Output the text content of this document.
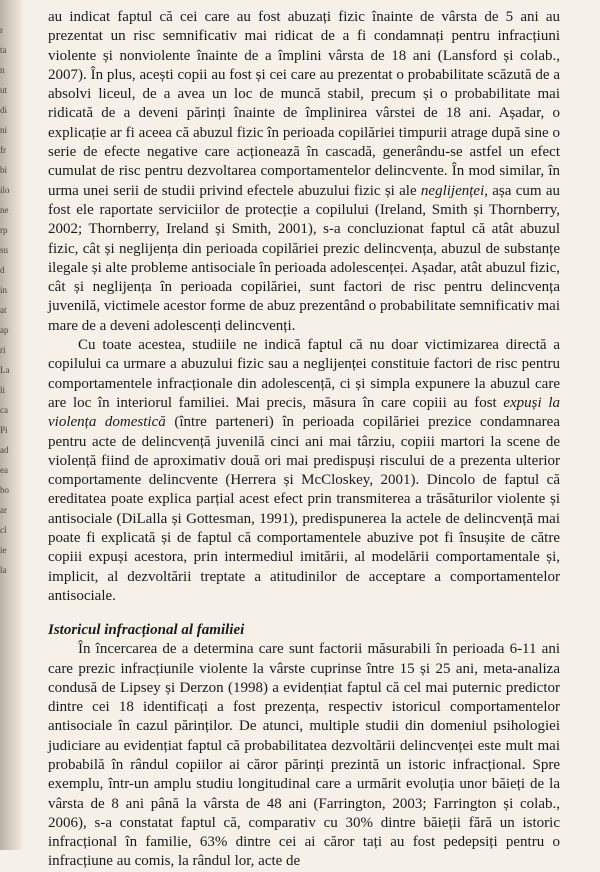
r
ta
n
ut
di
ni
fr
bi
ilo
ne
rp
su
d
in
at
ap
ri
La
li
ca
Pi
ad
ea
bo
ar
cl
ie
la

au indicat faptul că cei care au fost abuzați fizic înainte de vârsta de 5 ani au prezentat un risc semnificativ mai ridicat de a fi condamnați pentru infracțiuni violente și nonviolente înainte de a împlini vârsta de 18 ani (Lansford și colab., 2007). În plus, acești copii au fost și cei care au prezentat o probabilitate scăzută de a absolvi liceul, de a avea un loc de muncă stabil, precum și o probabilitate mai ridicată de a deveni părinți înainte de împlinirea vârstei de 18 ani. Așadar, o explicație ar fi aceea că abuzul fizic în perioada copilăriei timpurii atrage după sine o serie de efecte negative care acționează în cascadă, generându-se astfel un efect cumulat de risc pentru dezvoltarea comportamentelor delincvente. În mod similar, în urma unei serii de studii privind efectele abuzului fizic și ale neglijenței, așa cum au fost ele raportate serviciilor de protecție a copilului (Ireland, Smith și Thornberry, 2002; Thornberry, Ireland și Smith, 2001), s-a concluzionat faptul că atât abuzul fizic, cât și neglijența din perioada copilăriei prezic delincvența, abuzul de substanțe ilegale și alte probleme antisociale în perioada adolescenței. Așadar, atât abuzul fizic, cât și neglijența în perioada copilăriei, sunt factori de risc pentru delincvența juvenilă, victimele acestor forme de abuz prezentând o probabilitate semnificativ mai mare de a deveni adolescenți delincvenți.

Cu toate acestea, studiile ne indică faptul că nu doar victimizarea directă a copilului ca urmare a abuzului fizic sau a neglijenței constituie factori de risc pentru comportamentele infracționale din adolescență, ci și simpla expunere la abuzul care are loc în interiorul familiei. Mai precis, măsura în care copiii au fost expuși la violența domestică (între parteneri) în perioada copilăriei prezice condamnarea pentru acte de delincvență juvenilă cinci ani mai târziu, copiii martori la scene de violență fiind de aproximativ două ori mai predispuși riscului de a prezenta ulterior comportamente delincvente (Herrera și McCloskey, 2001). Dincolo de faptul că ereditatea poate explica parțial acest efect prin transmiterea a trăsăturilor violente și antisociale (DiLalla și Gottesman, 1991), predispunerea la actele de delincvență mai poate fi explicată și de faptul că comportamentele abuzive pot fi însușite de către copiii expuși acestora, prin intermediul imitării, al modelării comportamentale și, implicit, al dezvoltării treptate a atitudinilor de acceptare a comportamentelor antisociale.

Istoricul infracțional al familiei

În încercarea de a determina care sunt factorii măsurabili în perioada 6-11 ani care prezic infracțiunile violente la vârste cuprinse între 15 și 25 ani, meta-analiza condusă de Lipsey și Derzon (1998) a evidențiat faptul că cel mai puternic predictor dintre cei 18 identificați a fost prezența, respectiv istoricul comportamentelor antisociale în cazul părinților. De atunci, multiple studii din domeniul psihologiei judiciare au evidențiat faptul că probabilitatea dezvoltării delincvenței este mult mai probabilă în rândul copiilor ai căror părinți prezintă un istoric infracțional. Spre exemplu, într-un amplu studiu longitudinal care a urmărit evoluția unor băieți de la vârsta de 8 ani până la vârsta de 48 ani (Farrington, 2003; Farrington și colab., 2006), s-a constatat faptul că, comparativ cu 30% dintre băieții fără un istoric infracțional în familie, 63% dintre cei ai căror tați au fost pedepsiți pentru o infracțiune au comis, la rândul lor, acte de
